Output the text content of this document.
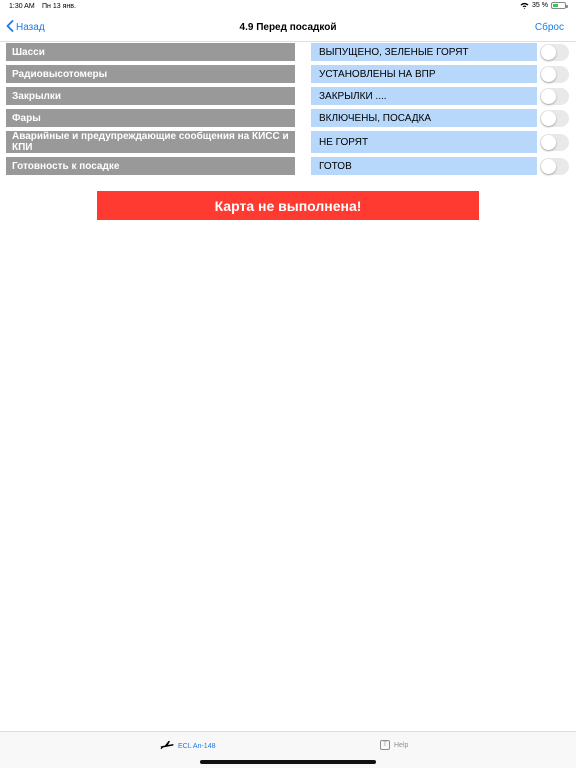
1:30 AM Пн 13 янв.	35 %
Назад	4.9 Перед посадкой	Сброс
Шасси	ВЫПУЩЕНО, ЗЕЛЕНЫЕ ГОРЯТ
Радиовысотомеры	УСТАНОВЛЕНЫ НА ВПР
Закрылки	ЗАКРЫЛКИ ....
Фары	ВКЛЮЧЕНЫ, ПОСАДКА
Аварийные и предупреждающие сообщения на КИСС и КПИ	НЕ ГОРЯТ
Готовность к посадке	ГОТОВ
Карта не выполнена!
ECL An-148	T	Help
